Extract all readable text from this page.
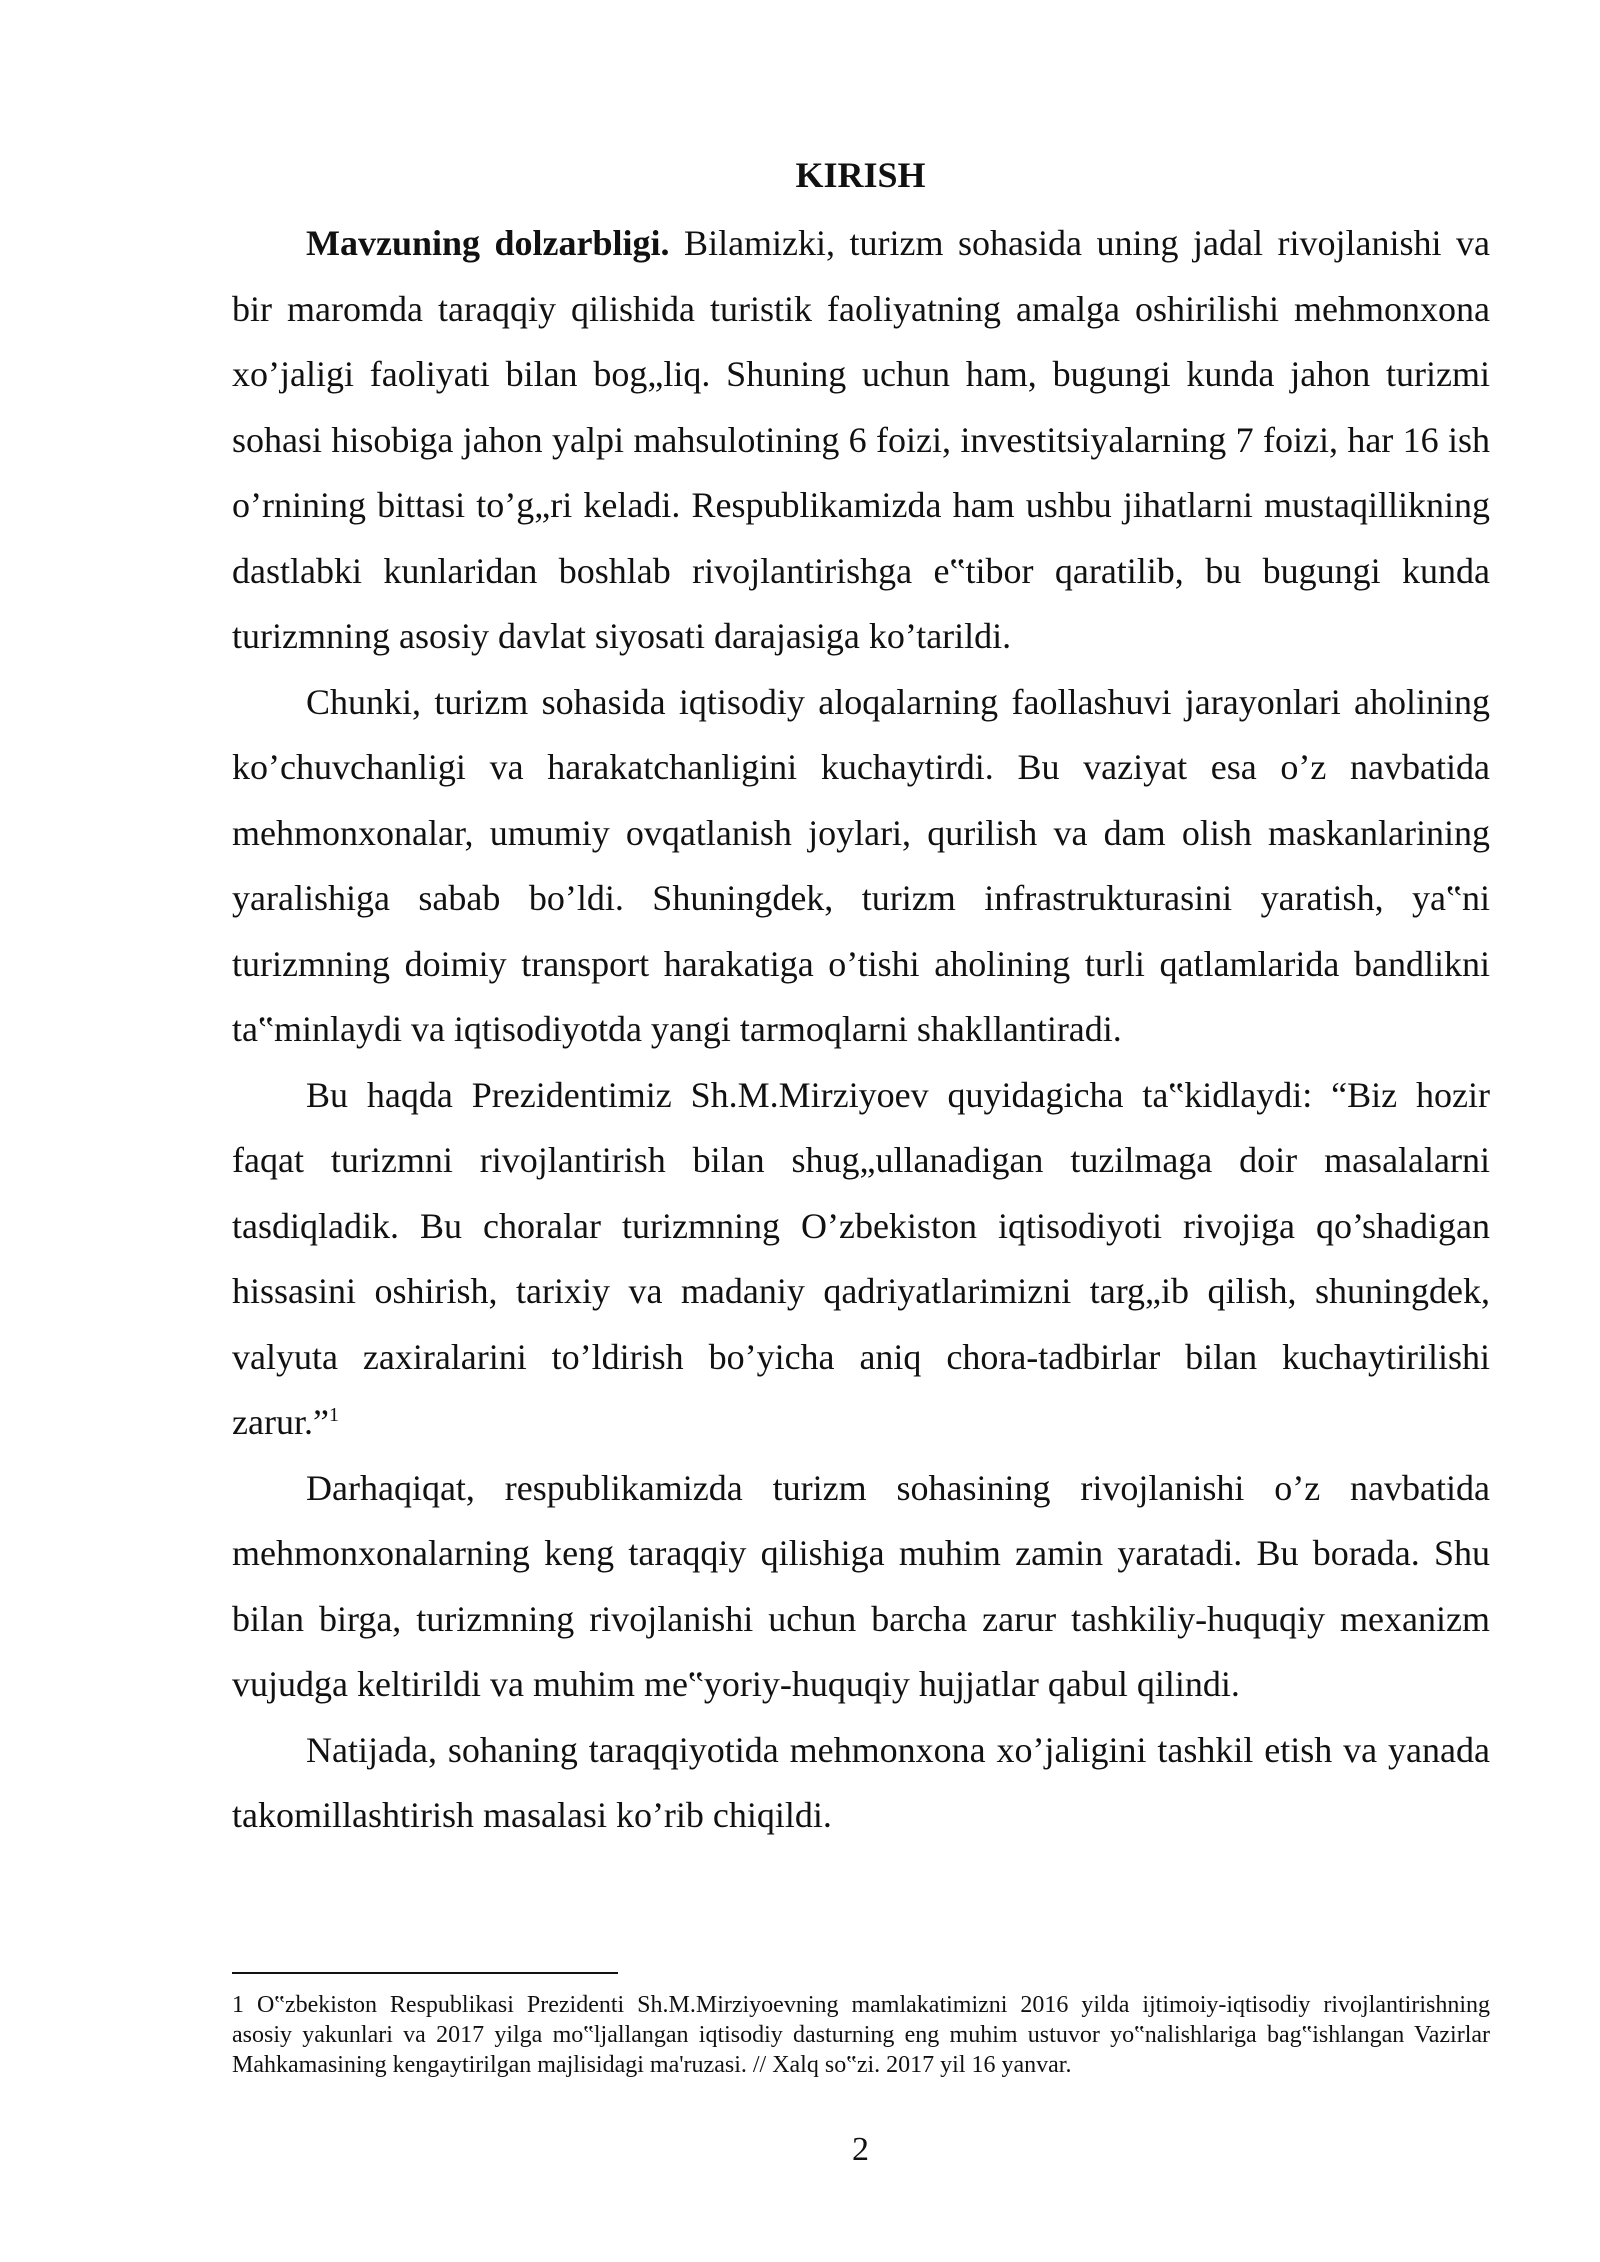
KIRISH

Mavzuning dolzarbligi. Bilamizki, turizm sohasida uning jadal rivojlanishi va bir maromda taraqqiy qilishida turistik faoliyatning amalga oshirilishi mehmonxona xo’jaligi faoliyati bilan bog„liq. Shuning uchun ham, bugungi kunda jahon turizmi sohasi hisobiga jahon yalpi mahsulotining 6 foizi, investitsiyalarning 7 foizi, har 16 ish o’rnining bittasi to’g„ri keladi. Respublikamizda ham ushbu jihatlarni mustaqillikning dastlabki kunlaridan boshlab rivojlantirishga e‟tibor qaratilib, bu bugungi kunda turizmning asosiy davlat siyosati darajasiga ko’tarildi.

Chunki, turizm sohasida iqtisodiy aloqalarning faollashuvi jarayonlari aholining ko’chuvchanligi va harakatchanligini kuchaytirdi. Bu vaziyat esa o’z navbatida mehmonxonalar, umumiy ovqatlanish joylari, qurilish va dam olish maskanlarining yaralishiga sabab bo’ldi. Shuningdek, turizm infrastrukturasini yaratish, ya‟ni turizmning doimiy transport harakatiga o’tishi aholining turli qatlamlarida bandlikni ta‟minlaydi va iqtisodiyotda yangi tarmoqlarni shakllantiradi.

Bu haqda Prezidentimiz Sh.M.Mirziyoev quyidagicha ta‟kidlaydi: “Biz hozir faqat turizmni rivojlantirish bilan shug„ullanadigan tuzilmaga doir masalalarni tasdiqladik. Bu choralar turizmning O’zbekiston iqtisodiyoti rivojiga qo’shadigan hissasini oshirish, tarixiy va madaniy qadriyatlarimizni targ„ib qilish, shuningdek, valyuta zaxiralarini to’ldirish bo’yicha aniq chora-tadbirlar bilan kuchaytirilishi zarur.”$^1$

Darhaqiqat, respublikamizda turizm sohasining rivojlanishi o’z navbatida mehmonxonalarning keng taraqqiy qilishiga muhim zamin yaratadi. Bu borada. Shu bilan birga, turizmning rivojlanishi uchun barcha zarur tashkiliy-huquqiy mexanizm vujudga keltirildi va muhim me‟yoriy-huquqiy hujjatlar qabul qilindi.

Natijada, sohaning taraqqiyotida mehmonxona xo’jaligini tashkil etish va yanada takomillashtirish masalasi ko’rib chiqildi.

1 O‟zbekiston Respublikasi Prezidenti Sh.M.Mirziyoevning mamlakatimizni 2016 yilda ijtimoiy-iqtisodiy rivojlantirishning asosiy yakunlari va 2017 yilga mo‟ljallangan iqtisodiy dasturning eng muhim ustuvor yo‟nalishlariga bag‟ishlangan Vazirlar Mahkamasining kengaytirilgan majlisidagi ma'ruzasi. // Xalq so‟zi. 2017 yil 16 yanvar.

2
